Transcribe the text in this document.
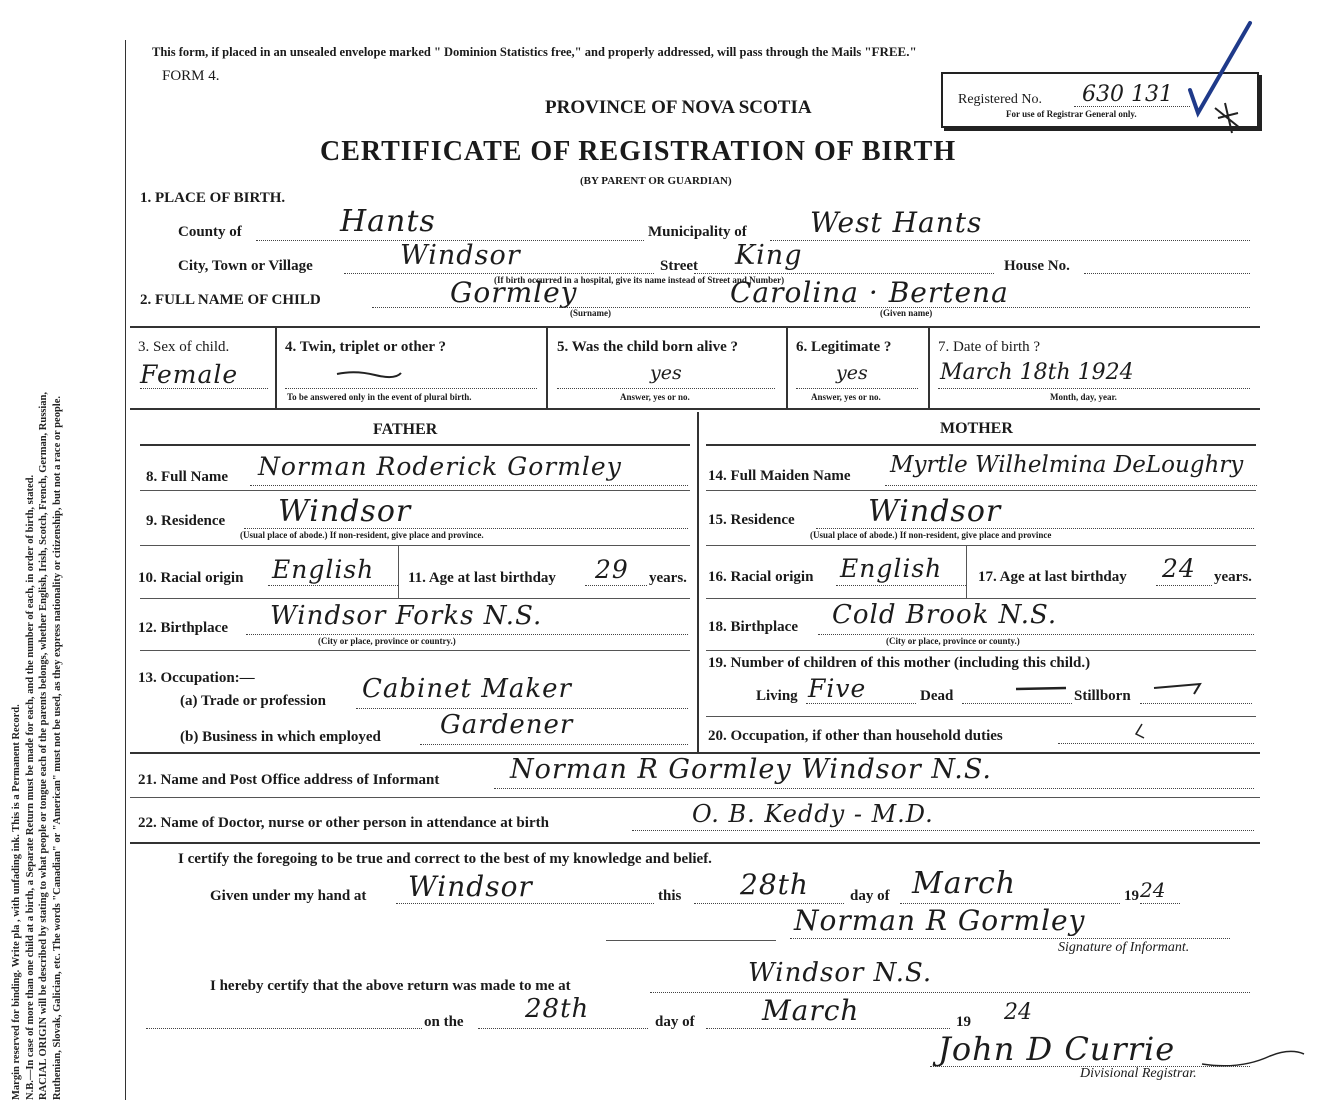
Margin reserved for binding. Write pla , with unfading ink. This is a Permanent Record. N.B.—In case of more than one child at a birth, a Separate Return must be made for each, and the number of each, in order of birth, stated. RACIAL ORIGIN will be described by stating to what people or tongue each of the parents belongs, whether English, Irish, Scotch, French, German, Russian, Ruthenian, Slovak, Galician, etc. The words "Canadian" or "American" must not be used, as they express nationality or citizenship, but not a race or people.
This form, if placed in an unsealed envelope marked " Dominion Statistics free," and properly addressed, will pass through the Mails "FREE."
FORM 4.
PROVINCE OF NOVA SCOTIA
CERTIFICATE OF REGISTRATION OF BIRTH
(BY PARENT OR GUARDIAN)
Registered No. 630 131
For use of Registrar General only.
1. PLACE OF BIRTH.
County of	Hants	Municipality of West Hants
City, Town or Village	Windsor	Street King	House No.
(If birth occurred in a hospital, give its name instead of Street and Number)
2. FULL NAME OF CHILD	Gormley	Carolina · Bertena
(Surname)	(Given name)
3. Sex of child.
Female
4. Twin, triplet or other ?
To be answered only in the event of plural birth.
5. Was the child born alive ?
yes
Answer, yes or no.
6. Legitimate ?
yes
Answer, yes or no.
7. Date of birth ?
March 18th 1924
Month, day, year.
FATHER	MOTHER
8. Full Name Norman Roderick Gormley
9. Residence Windsor
(Usual place of abode.) If non-resident, give place and province.
10. Racial origin English 11. Age at last birthday 29 years.
12. Birthplace Windsor Forks N.S.
(City or place, province or country.)
13. Occupation:—
(a) Trade or profession Cabinet Maker
(b) Business in which employed Gardener
14. Full Maiden Name Myrtle Wilhelmina DeLoughry
15. Residence Windsor
(Usual place of abode.) If non-resident, give place and province
16. Racial origin English 17. Age at last birthday 24 years.
18. Birthplace Cold Brook N.S.
(City or place, province or county.)
19. Number of children of this mother (including this child.)
Living Five	Dead	Stillborn
20. Occupation, if other than household duties
21. Name and Post Office address of Informant	Norman R Gormley Windsor N.S.
22. Name of Doctor, nurse or other person in attendance at birth	O. B. Keddy - M.D.
I certify the foregoing to be true and correct to the best of my knowledge and belief.
Given under my hand at Windsor	this 28th	day of March	19 24
Norman R Gormley
Signature of Informant.
I hereby certify that the above return was made to me at	Windsor N.S.
on the 28th	day of March	19 24
John D Currie
Divisional Registrar.
